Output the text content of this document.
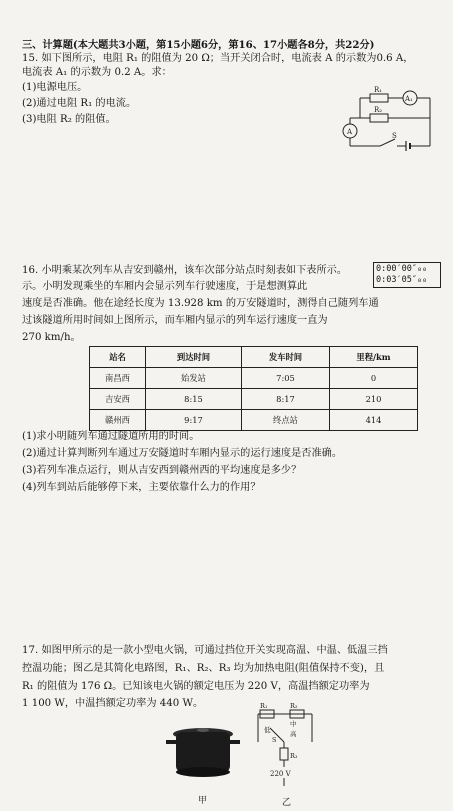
三、计算题(本大题共3小题，第15小题6分，第16、17小题各8分，共22分)
15. 如下图所示，电阻 R₁ 的阻值为 20 Ω；当开关闭合时，电流表 A 的示数为0.6 A，
电流表 A₁ 的示数为 0.2 A。求：
(1)电源电压。
(2)通过电阻 R₁ 的电流。
(3)电阻 R₂ 的阻值。
R₁
R₂
A₁
A	S
16. 小明乘某次列车从吉安到赣州，该车次部分站点时刻表如下表所示。
示。小明发现乘坐的车厢内会显示列车行驶速度，于是想测算此
速度是否准确。他在途经长度为 13.928 km 的万安隧道时，测得自己随列车通
过该隧道所用时间如上图所示，而车厢内显示的列车运行速度一直为
270 km/h。
0:00′00″₀₀
0:03′05″₀₀
站名	到达时间	发车时间	里程/km
南昌西	始发站	7:05	0
吉安西	8:15	8:17	210
赣州西	9:17	终点站	414
(1)求小明随列车通过隧道所用的时间。
(2)通过计算判断列车通过万安隧道时车厢内显示的运行速度是否准确。
(3)若列车准点运行，则从吉安西到赣州西的平均速度是多少？
(4)列车到站后能够停下来，主要依靠什么力的作用？
17. 如图甲所示的是一款小型电火锅，可通过挡位开关实现高温、中温、低温三挡
控温功能；图乙是其简化电路图，R₁、R₂、R₃ 均为加热电阻(阻值保持不变)，且
R₁ 的阻值为 176 Ω。已知该电火锅的额定电压为 220 V，高温挡额定功率为
1 100 W，中温挡额定功率为 440 W。
甲
R₁	R₂
低
中
高
S
R₃
220 V
乙
